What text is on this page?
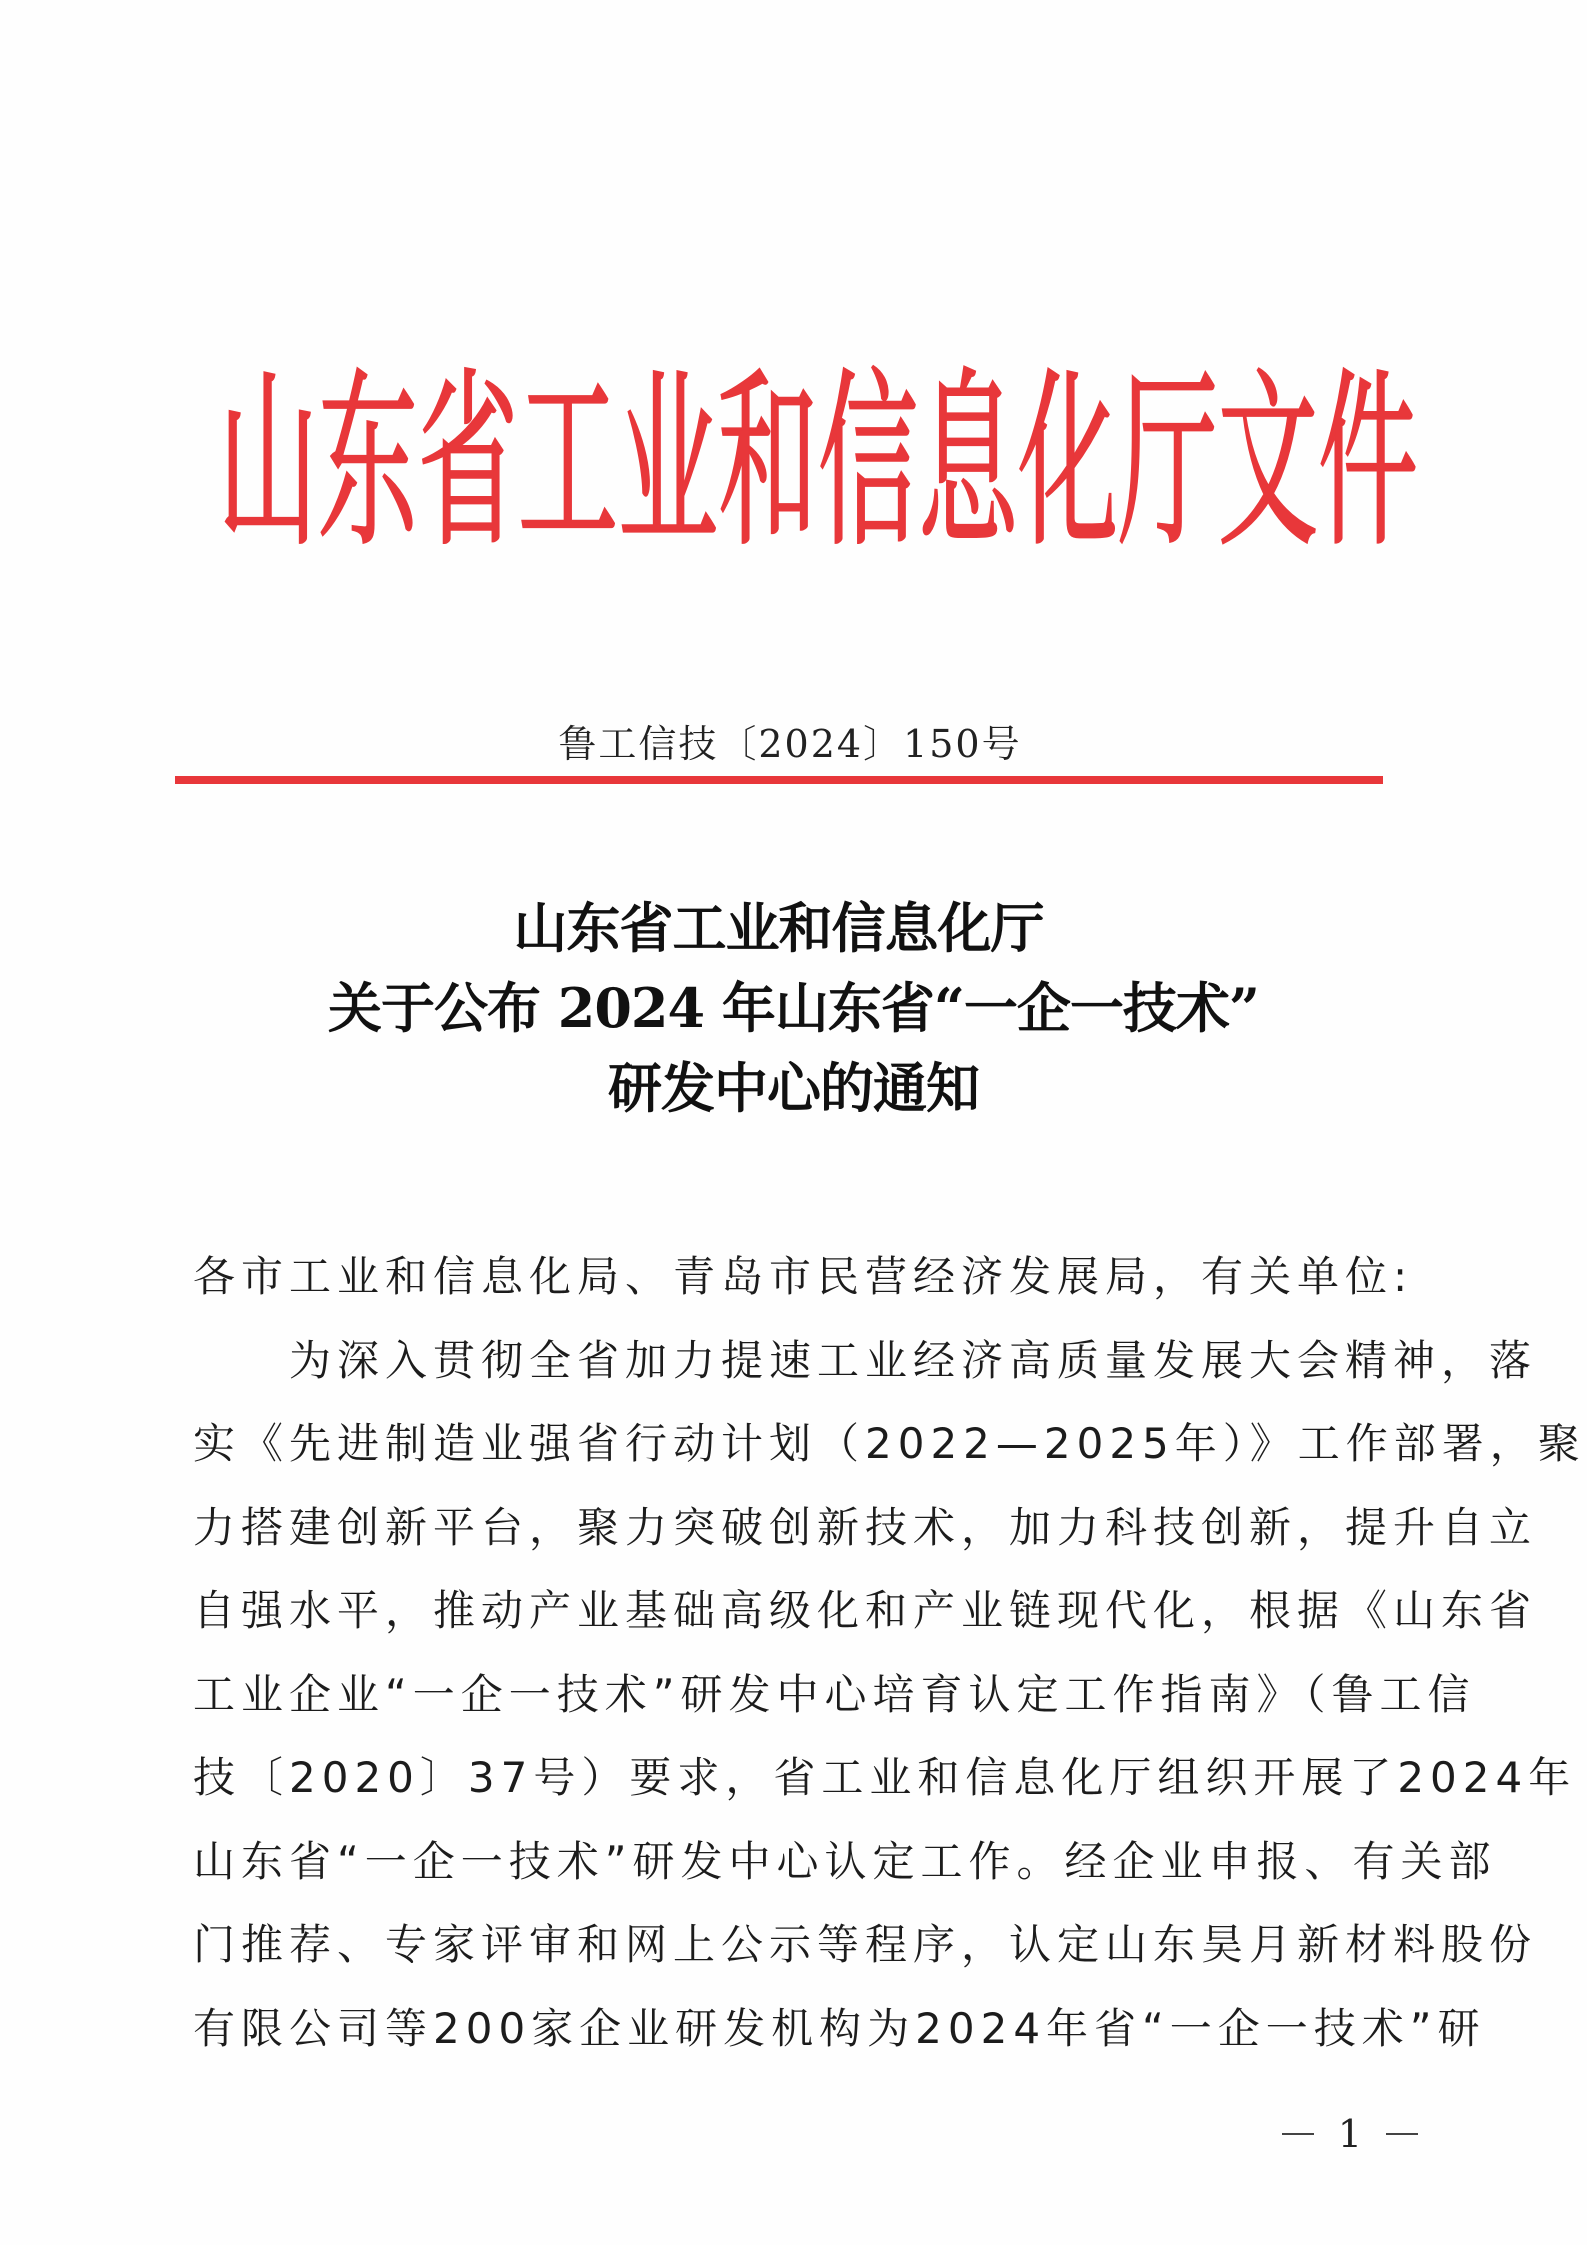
山 东 省 工 业 和 信 息 化 厅 文 件
鲁工信技〔2024〕150号
山东省工业和信息化厅
关于公布 2024 年山东省“一企一技术”
研发中心的通知
各市工业和信息化局、青岛市民营经济发展局，有关单位:
为深入贯彻全省加力提速工业经济高质量发展大会精神，落
实《先进制造业强省行动计划（2022—2025年）》工作部署，聚
力搭建创新平台，聚力突破创新技术，加力科技创新，提升自立
自强水平，推动产业基础高级化和产业链现代化，根据《山东省
工业企业“一企一技术”研发中心培育认定工作指南》（鲁工信
技〔2020〕37号）要求，省工业和信息化厅组织开展了2024年
山东省“一企一技术”研发中心认定工作。经企业申报、有关部
门推荐、专家评审和网上公示等程序，认定山东昊月新材料股份
有限公司等200家企业研发机构为2024年省“一企一技术”研
1
